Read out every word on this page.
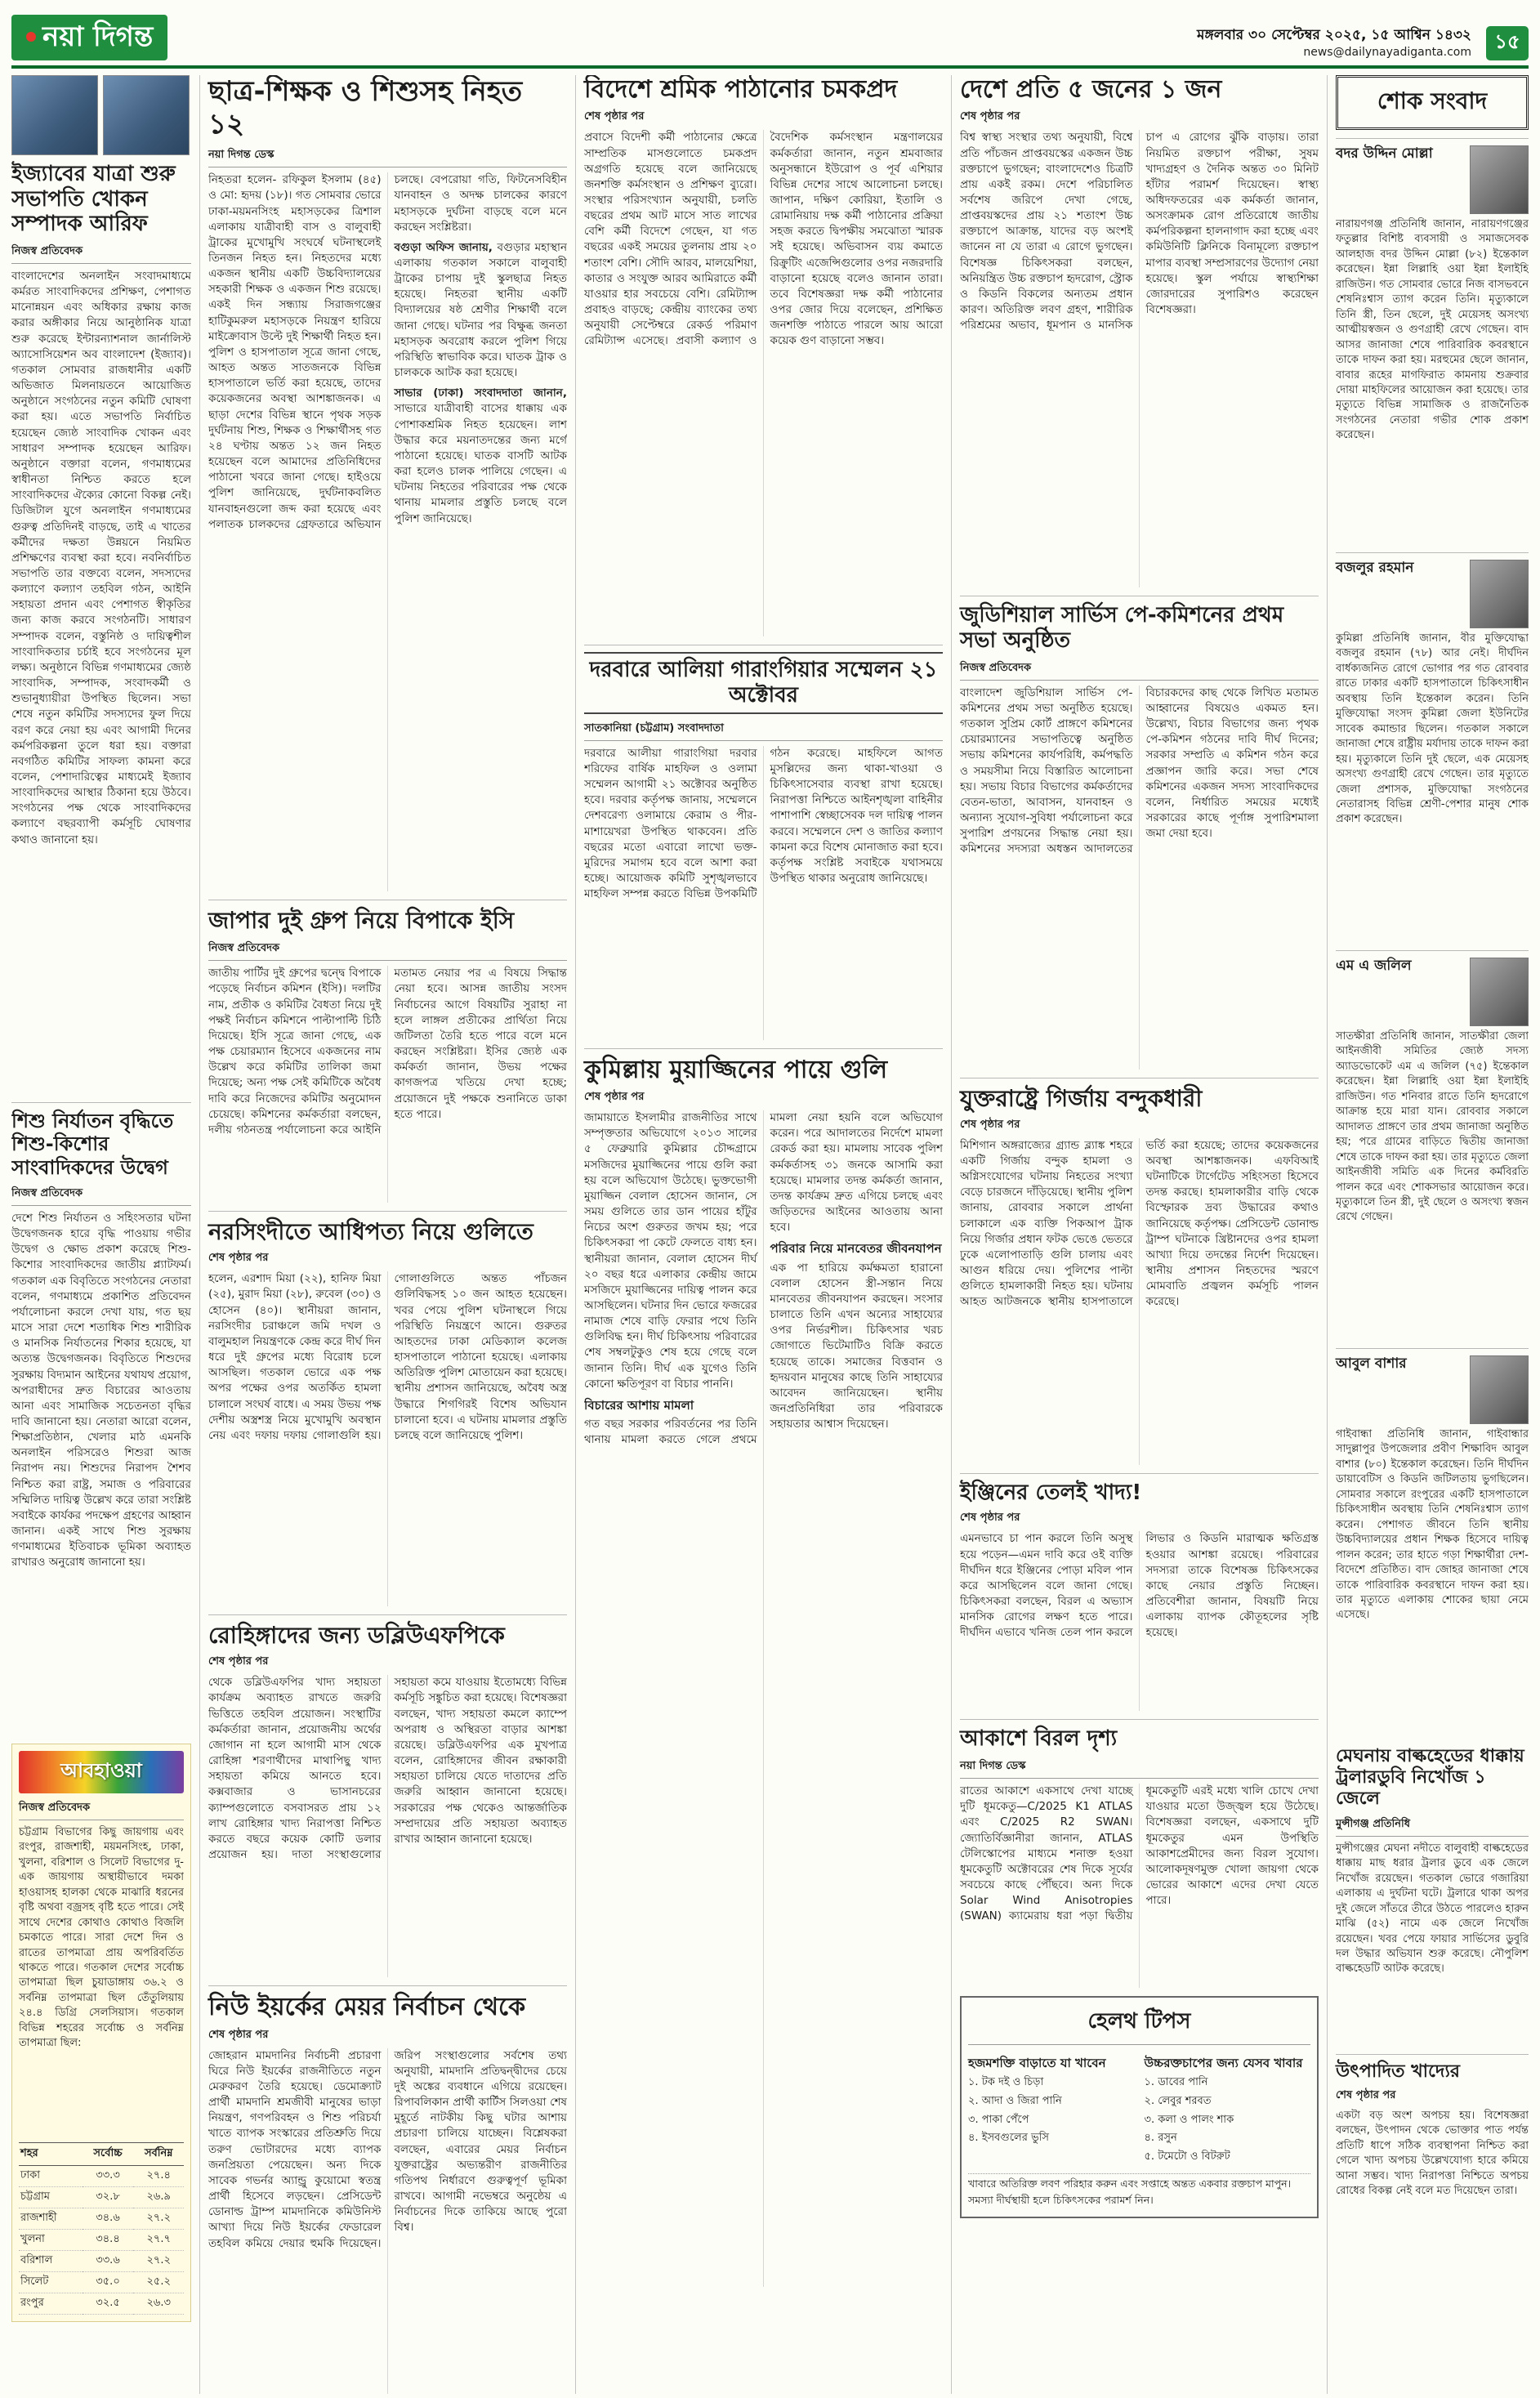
নয়া দিগন্ত	মঙ্গলবার ৩০ সেপ্টেম্বর ২০২৫, ১৫ আশ্বিন ১৪৩২
news@dailynayadiganta.com	১৫
ইজ্যাবের যাত্রা শুরু সভাপতি খোকন সম্পাদক আরিফ
নিজস্ব প্রতিবেদক
বাংলাদেশের অনলাইন সংবাদমাধ্যমে কর্মরত সাংবাদিকদের প্রশিক্ষণ, পেশাগত মানোন্নয়ন এবং অধিকার রক্ষায় কাজ করার অঙ্গীকার নিয়ে আনুষ্ঠানিক যাত্রা শুরু করেছে ইন্টারন্যাশনাল জার্নালিস্ট অ্যাসোসিয়েশন অব বাংলাদেশ (ইজ্যাব)। গতকাল সোমবার রাজধানীর একটি অভিজাত মিলনায়তনে আয়োজিত অনুষ্ঠানে সংগঠনের নতুন কমিটি ঘোষণা করা হয়। এতে সভাপতি নির্বাচিত হয়েছেন জ্যেষ্ঠ সাংবাদিক খোকন এবং সাধারণ সম্পাদক হয়েছেন আরিফ। অনুষ্ঠানে বক্তারা বলেন, গণমাধ্যমের স্বাধীনতা নিশ্চিত করতে হলে সাংবাদিকদের ঐক্যের কোনো বিকল্প নেই। ডিজিটাল যুগে অনলাইন গণমাধ্যমের গুরুত্ব প্রতিদিনই বাড়ছে, তাই এ খাতের কর্মীদের দক্ষতা উন্নয়নে নিয়মিত প্রশিক্ষণের ব্যবস্থা করা হবে। নবনির্বাচিত সভাপতি তার বক্তব্যে বলেন, সদস্যদের কল্যাণে কল্যাণ তহবিল গঠন, আইনি সহায়তা প্রদান এবং পেশাগত স্বীকৃতির জন্য কাজ করবে সংগঠনটি। সাধারণ সম্পাদক বলেন, বস্তুনিষ্ঠ ও দায়িত্বশীল সাংবাদিকতার চর্চাই হবে সংগঠনের মূল লক্ষ্য। অনুষ্ঠানে বিভিন্ন গণমাধ্যমের জ্যেষ্ঠ সাংবাদিক, সম্পাদক, সংবাদকর্মী ও শুভানুধ্যায়ীরা উপস্থিত ছিলেন। সভা শেষে নতুন কমিটির সদস্যদের ফুল দিয়ে বরণ করে নেয়া হয় এবং আগামী দিনের কর্মপরিকল্পনা তুলে ধরা হয়। বক্তারা নবগঠিত কমিটির সাফল্য কামনা করে বলেন, পেশাদারিত্বের মাধ্যমেই ইজ্যাব সাংবাদিকদের আস্থার ঠিকানা হয়ে উঠবে। সংগঠনের পক্ষ থেকে সাংবাদিকদের কল্যাণে বছরব্যাপী কর্মসূচি ঘোষণার কথাও জানানো হয়।
শিশু নির্যাতন বৃদ্ধিতে শিশু-কিশোর সাংবাদিকদের উদ্বেগ
নিজস্ব প্রতিবেদক
দেশে শিশু নির্যাতন ও সহিংসতার ঘটনা উদ্বেগজনক হারে বৃদ্ধি পাওয়ায় গভীর উদ্বেগ ও ক্ষোভ প্রকাশ করেছে শিশু-কিশোর সাংবাদিকদের জাতীয় প্ল্যাটফর্ম। গতকাল এক বিবৃতিতে সংগঠনের নেতারা বলেন, গণমাধ্যমে প্রকাশিত প্রতিবেদন পর্যালোচনা করলে দেখা যায়, গত ছয় মাসে সারা দেশে শতাধিক শিশু শারীরিক ও মানসিক নির্যাতনের শিকার হয়েছে, যা অত্যন্ত উদ্বেগজনক। বিবৃতিতে শিশুদের সুরক্ষায় বিদ্যমান আইনের যথাযথ প্রয়োগ, অপরাধীদের দ্রুত বিচারের আওতায় আনা এবং সামাজিক সচেতনতা বৃদ্ধির দাবি জানানো হয়। নেতারা আরো বলেন, শিক্ষাপ্রতিষ্ঠান, খেলার মাঠ এমনকি অনলাইন পরিসরেও শিশুরা আজ নিরাপদ নয়। শিশুদের নিরাপদ শৈশব নিশ্চিত করা রাষ্ট্র, সমাজ ও পরিবারের সম্মিলিত দায়িত্ব উল্লেখ করে তারা সংশ্লিষ্ট সবাইকে কার্যকর পদক্ষেপ গ্রহণের আহ্বান জানান। একই সাথে শিশু সুরক্ষায় গণমাধ্যমের ইতিবাচক ভূমিকা অব্যাহত রাখারও অনুরোধ জানানো হয়।
আবহাওয়া
নিজস্ব প্রতিবেদক
চট্টগ্রাম বিভাগের কিছু জায়গায় এবং রংপুর, রাজশাহী, ময়মনসিংহ, ঢাকা, খুলনা, বরিশাল ও সিলেট বিভাগের দু-এক জায়গায় অস্থায়ীভাবে দমকা হাওয়াসহ হালকা থেকে মাঝারি ধরনের বৃষ্টি অথবা বজ্রসহ বৃষ্টি হতে পারে। সেই সাথে দেশের কোথাও কোথাও বিজলি চমকাতে পারে। সারা দেশে দিন ও রাতের তাপমাত্রা প্রায় অপরিবর্তিত থাকতে পারে। গতকাল দেশের সর্বোচ্চ তাপমাত্রা ছিল চুয়াডাঙ্গায় ৩৬.২ ও সর্বনিম্ন তাপমাত্রা ছিল তেঁতুলিয়ায় ২৪.৪ ডিগ্রি সেলসিয়াস। গতকাল বিভিন্ন শহরের সর্বোচ্চ ও সর্বনিম্ন তাপমাত্রা ছিল:
শহর	সর্বোচ্চ	সর্বনিম্ন
ঢাকা	৩৩.৩	২৭.৪
চট্টগ্রাম	৩২.৮	২৬.৯
রাজশাহী	৩৪.৬	২৭.২
খুলনা	৩৪.৪	২৭.৭
বরিশাল	৩৩.৬	২৭.২
সিলেট	৩৫.০	২৫.২
রংপুর	৩২.৫	২৬.৩
ছাত্র-শিক্ষক ও শিশুসহ নিহত ১২
নয়া দিগন্ত ডেস্ক

নিহতরা হলেন- রফিকুল ইসলাম (৪৫) ও মো: হৃদয় (১৮)। গত সোমবার ভোরে ঢাকা-ময়মনসিংহ মহাসড়কের ত্রিশাল এলাকায় যাত্রীবাহী বাস ও বালুবাহী ট্রাকের মুখোমুখি সংঘর্ষে ঘটনাস্থলেই তিনজন নিহত হন। নিহতদের মধ্যে একজন স্থানীয় একটি উচ্চবিদ্যালয়ের সহকারী শিক্ষক ও একজন শিশু রয়েছে। একই দিন সন্ধ্যায় সিরাজগঞ্জের হাটিকুমরুল মহাসড়কে নিয়ন্ত্রণ হারিয়ে মাইক্রোবাস উল্টে দুই শিক্ষার্থী নিহত হন। পুলিশ ও হাসপাতাল সূত্রে জানা গেছে, আহত অন্তত সাতজনকে বিভিন্ন হাসপাতালে ভর্তি করা হয়েছে, তাদের কয়েকজনের অবস্থা আশঙ্কাজনক। এ ছাড়া দেশের বিভিন্ন স্থানে পৃথক সড়ক দুর্ঘটনায় শিশু, শিক্ষক ও শিক্ষার্থীসহ গত ২৪ ঘণ্টায় অন্তত ১২ জন নিহত হয়েছেন বলে আমাদের প্রতিনিধিদের পাঠানো খবরে জানা গেছে। হাইওয়ে পুলিশ জানিয়েছে, দুর্ঘটনাকবলিত যানবাহনগুলো জব্দ করা হয়েছে এবং পলাতক চালকদের গ্রেফতারে অভিযান চলছে। বেপরোয়া গতি, ফিটনেসবিহীন যানবাহন ও অদক্ষ চালকের কারণে মহাসড়কে দুর্ঘটনা বাড়ছে বলে মনে করছেন সংশ্লিষ্টরা।

বগুড়া অফিস জানায়, বগুড়ার মহাস্থান এলাকায় গতকাল সকালে বালুবাহী ট্রাকের চাপায় দুই স্কুলছাত্র নিহত হয়েছে। নিহতরা স্থানীয় একটি বিদ্যালয়ের ষষ্ঠ শ্রেণীর শিক্ষার্থী বলে জানা গেছে। ঘটনার পর বিক্ষুব্ধ জনতা মহাসড়ক অবরোধ করলে পুলিশ গিয়ে পরিস্থিতি স্বাভাবিক করে। ঘাতক ট্রাক ও চালককে আটক করা হয়েছে।

সাভার (ঢাকা) সংবাদদাতা জানান, সাভারে যাত্রীবাহী বাসের ধাক্কায় এক পোশাকশ্রমিক নিহত হয়েছেন। লাশ উদ্ধার করে ময়নাতদন্তের জন্য মর্গে পাঠানো হয়েছে। ঘাতক বাসটি আটক করা হলেও চালক পালিয়ে গেছেন। এ ঘটনায় নিহতের পরিবারের পক্ষ থেকে থানায় মামলার প্রস্তুতি চলছে বলে পুলিশ জানিয়েছে।

জাপার দুই গ্রুপ নিয়ে বিপাকে ইসি
নিজস্ব প্রতিবেদক
জাতীয় পার্টির দুই গ্রুপের দ্বন্দ্বে বিপাকে পড়েছে নির্বাচন কমিশন (ইসি)। দলটির নাম, প্রতীক ও কমিটির বৈধতা নিয়ে দুই পক্ষই নির্বাচন কমিশনে পাল্টাপাল্টি চিঠি দিয়েছে। ইসি সূত্রে জানা গেছে, এক পক্ষ চেয়ারম্যান হিসেবে একজনের নাম উল্লেখ করে কমিটির তালিকা জমা দিয়েছে; অন্য পক্ষ সেই কমিটিকে অবৈধ দাবি করে নিজেদের কমিটির অনুমোদন চেয়েছে। কমিশনের কর্মকর্তারা বলছেন, দলীয় গঠনতন্ত্র পর্যালোচনা করে আইনি মতামত নেয়ার পর এ বিষয়ে সিদ্ধান্ত নেয়া হবে। আসন্ন জাতীয় সংসদ নির্বাচনের আগে বিষয়টির সুরাহা না হলে লাঙ্গল প্রতীকের প্রার্থিতা নিয়ে জটিলতা তৈরি হতে পারে বলে মনে করছেন সংশ্লিষ্টরা। ইসির জ্যেষ্ঠ এক কর্মকর্তা জানান, উভয় পক্ষের কাগজপত্র খতিয়ে দেখা হচ্ছে; প্রয়োজনে দুই পক্ষকে শুনানিতে ডাকা হতে পারে।
নরসিংদীতে আধিপত্য নিয়ে গুলিতে
শেষ পৃষ্ঠার পর
হলেন, এরশাদ মিয়া (২২), হানিফ মিয়া (২৫), মুরাদ মিয়া (২৮), রুবেল (৩০) ও হোসেন (৪০)। স্থানীয়রা জানান, নরসিংদীর চরাঞ্চলে জমি দখল ও বালুমহাল নিয়ন্ত্রণকে কেন্দ্র করে দীর্ঘ দিন ধরে দুই গ্রুপের মধ্যে বিরোধ চলে আসছিল। গতকাল ভোরে এক পক্ষ অপর পক্ষের ওপর অতর্কিত হামলা চালালে সংঘর্ষ বাধে। এ সময় উভয় পক্ষ দেশীয় অস্ত্রশস্ত্র নিয়ে মুখোমুখি অবস্থান নেয় এবং দফায় দফায় গোলাগুলি হয়। গোলাগুলিতে অন্তত পাঁচজন গুলিবিদ্ধসহ ১০ জন আহত হয়েছেন। খবর পেয়ে পুলিশ ঘটনাস্থলে গিয়ে পরিস্থিতি নিয়ন্ত্রণে আনে। গুরুতর আহতদের ঢাকা মেডিক্যাল কলেজ হাসপাতালে পাঠানো হয়েছে। এলাকায় অতিরিক্ত পুলিশ মোতায়েন করা হয়েছে। স্থানীয় প্রশাসন জানিয়েছে, অবৈধ অস্ত্র উদ্ধারে শিগগিরই বিশেষ অভিযান চালানো হবে। এ ঘটনায় মামলার প্রস্তুতি চলছে বলে জানিয়েছে পুলিশ।
রোহিঙ্গাদের জন্য ডব্লিউএফপিকে
শেষ পৃষ্ঠার পর
থেকে ডব্লিউএফপির খাদ্য সহায়তা কার্যক্রম অব্যাহত রাখতে জরুরি ভিত্তিতে তহবিল প্রয়োজন। সংস্থাটির কর্মকর্তারা জানান, প্রয়োজনীয় অর্থের জোগান না হলে আগামী মাস থেকে রোহিঙ্গা শরণার্থীদের মাথাপিছু খাদ্য সহায়তা কমিয়ে আনতে হবে। কক্সবাজার ও ভাসানচরের ক্যাম্পগুলোতে বসবাসরত প্রায় ১২ লাখ রোহিঙ্গার খাদ্য নিরাপত্তা নিশ্চিত করতে বছরে কয়েক কোটি ডলার প্রয়োজন হয়। দাতা সংস্থাগুলোর সহায়তা কমে যাওয়ায় ইতোমধ্যে বিভিন্ন কর্মসূচি সঙ্কুচিত করা হয়েছে। বিশেষজ্ঞরা বলছেন, খাদ্য সহায়তা কমলে ক্যাম্পে অপরাধ ও অস্থিরতা বাড়ার আশঙ্কা রয়েছে। ডব্লিউএফপির এক মুখপাত্র বলেন, রোহিঙ্গাদের জীবন রক্ষাকারী সহায়তা চালিয়ে যেতে দাতাদের প্রতি জরুরি আহ্বান জানানো হয়েছে। সরকারের পক্ষ থেকেও আন্তর্জাতিক সম্প্রদায়ের প্রতি সহায়তা অব্যাহত রাখার আহ্বান জানানো হয়েছে।
নিউ ইয়র্কের মেয়র নির্বাচন থেকে
শেষ পৃষ্ঠার পর
জোহরান মামদানির নির্বাচনী প্রচারণা ঘিরে নিউ ইয়র্কের রাজনীতিতে নতুন মেরুকরণ তৈরি হয়েছে। ডেমোক্র্যাট প্রার্থী মামদানি শ্রমজীবী মানুষের ভাড়া নিয়ন্ত্রণ, গণপরিবহন ও শিশু পরিচর্যা খাতে ব্যাপক সংস্কারের প্রতিশ্রুতি দিয়ে তরুণ ভোটারদের মধ্যে ব্যাপক জনপ্রিয়তা পেয়েছেন। অন্য দিকে সাবেক গভর্নর অ্যান্ড্রু কুয়োমো স্বতন্ত্র প্রার্থী হিসেবে লড়ছেন। প্রেসিডেন্ট ডোনাল্ড ট্রাম্প মামদানিকে কমিউনিস্ট আখ্যা দিয়ে নিউ ইয়র্কের ফেডারেল তহবিল কমিয়ে দেয়ার হুমকি দিয়েছেন। জরিপ সংস্থাগুলোর সর্বশেষ তথ্য অনুযায়ী, মামদানি প্রতিদ্বন্দ্বীদের চেয়ে দুই অঙ্কের ব্যবধানে এগিয়ে রয়েছেন। রিপাবলিকান প্রার্থী কার্টিস সিলওয়া শেষ মুহূর্তে নাটকীয় কিছু ঘটার আশায় প্রচারণা চালিয়ে যাচ্ছেন। বিশ্লেষকরা বলছেন, এবারের মেয়র নির্বাচন যুক্তরাষ্ট্রের অভ্যন্তরীণ রাজনীতির গতিপথ নির্ধারণে গুরুত্বপূর্ণ ভূমিকা রাখবে। আগামী নভেম্বরে অনুষ্ঠেয় এ নির্বাচনের দিকে তাকিয়ে আছে পুরো বিশ্ব।
বিদেশে শ্রমিক পাঠানোর চমকপ্রদ
শেষ পৃষ্ঠার পর
প্রবাসে বিদেশী কর্মী পাঠানোর ক্ষেত্রে সাম্প্রতিক মাসগুলোতে চমকপ্রদ অগ্রগতি হয়েছে বলে জানিয়েছে জনশক্তি কর্মসংস্থান ও প্রশিক্ষণ ব্যুরো। সংস্থার পরিসংখ্যান অনুযায়ী, চলতি বছরের প্রথম আট মাসে সাত লাখের বেশি কর্মী বিদেশে গেছেন, যা গত বছরের একই সময়ের তুলনায় প্রায় ২০ শতাংশ বেশি। সৌদি আরব, মালয়েশিয়া, কাতার ও সংযুক্ত আরব আমিরাতে কর্মী যাওয়ার হার সবচেয়ে বেশি। রেমিট্যান্স প্রবাহও বাড়ছে; কেন্দ্রীয় ব্যাংকের তথ্য অনুযায়ী সেপ্টেম্বরে রেকর্ড পরিমাণ রেমিট্যান্স এসেছে। প্রবাসী কল্যাণ ও বৈদেশিক কর্মসংস্থান মন্ত্রণালয়ের কর্মকর্তারা জানান, নতুন শ্রমবাজার অনুসন্ধানে ইউরোপ ও পূর্ব এশিয়ার বিভিন্ন দেশের সাথে আলোচনা চলছে। জাপান, দক্ষিণ কোরিয়া, ইতালি ও রোমানিয়ায় দক্ষ কর্মী পাঠানোর প্রক্রিয়া সহজ করতে দ্বিপক্ষীয় সমঝোতা স্মারক সই হয়েছে। অভিবাসন ব্যয় কমাতে রিক্রুটিং এজেন্সিগুলোর ওপর নজরদারি বাড়ানো হয়েছে বলেও জানান তারা। তবে বিশেষজ্ঞরা দক্ষ কর্মী পাঠানোর ওপর জোর দিয়ে বলেছেন, প্রশিক্ষিত জনশক্তি পাঠাতে পারলে আয় আরো কয়েক গুণ বাড়ানো সম্ভব।
দরবারে আলিয়া গারাংগিয়ার সম্মেলন ২১ অক্টোবর
সাতকানিয়া (চট্টগ্রাম) সংবাদদাতা
দরবারে আলীয়া গারাংগিয়া দরবার শরিফের বার্ষিক মাহফিল ও ওলামা সম্মেলন আগামী ২১ অক্টোবর অনুষ্ঠিত হবে। দরবার কর্তৃপক্ষ জানায়, সম্মেলনে দেশবরেণ্য ওলামায়ে কেরাম ও পীর-মাশায়েখরা উপস্থিত থাকবেন। প্রতি বছরের মতো এবারো লাখো ভক্ত-মুরিদের সমাগম হবে বলে আশা করা হচ্ছে। আয়োজক কমিটি সুশৃঙ্খলভাবে মাহফিল সম্পন্ন করতে বিভিন্ন উপকমিটি গঠন করেছে। মাহফিলে আগত মুসল্লিদের জন্য থাকা-খাওয়া ও চিকিৎসাসেবার ব্যবস্থা রাখা হয়েছে। নিরাপত্তা নিশ্চিতে আইনশৃঙ্খলা বাহিনীর পাশাপাশি স্বেচ্ছাসেবক দল দায়িত্ব পালন করবে। সম্মেলনে দেশ ও জাতির কল্যাণ কামনা করে বিশেষ মোনাজাত করা হবে। কর্তৃপক্ষ সংশ্লিষ্ট সবাইকে যথাসময়ে উপস্থিত থাকার অনুরোধ জানিয়েছে।
কুমিল্লায় মুয়াজ্জিনের পায়ে গুলি
শেষ পৃষ্ঠার পর

জামায়াতে ইসলামীর রাজনীতির সাথে সম্পৃক্ততার অভিযোগে ২০১৩ সালের ৫ ফেব্রুয়ারি কুমিল্লার চৌদ্দগ্রামে মসজিদের মুয়াজ্জিনের পায়ে গুলি করা হয় বলে অভিযোগ উঠেছে। ভুক্তভোগী মুয়াজ্জিন বেলাল হোসেন জানান, সে সময় গুলিতে তার ডান পায়ের হাঁটুর নিচের অংশ গুরুতর জখম হয়; পরে চিকিৎসকরা পা কেটে ফেলতে বাধ্য হন। স্থানীয়রা জানান, বেলাল হোসেন দীর্ঘ ২০ বছর ধরে এলাকার কেন্দ্রীয় জামে মসজিদে মুয়াজ্জিনের দায়িত্ব পালন করে আসছিলেন। ঘটনার দিন ভোরে ফজরের নামাজ শেষে বাড়ি ফেরার পথে তিনি গুলিবিদ্ধ হন। দীর্ঘ চিকিৎসায় পরিবারের শেষ সম্বলটুকুও শেষ হয়ে গেছে বলে জানান তিনি। দীর্ঘ এক যুগেও তিনি কোনো ক্ষতিপূরণ বা বিচার পাননি।

বিচারের আশায় মামলা

গত বছর সরকার পরিবর্তনের পর তিনি থানায় মামলা করতে গেলে প্রথমে মামলা নেয়া হয়নি বলে অভিযোগ করেন। পরে আদালতের নির্দেশে মামলা রেকর্ড করা হয়। মামলায় সাবেক পুলিশ কর্মকর্তাসহ ৩১ জনকে আসামি করা হয়েছে। মামলার তদন্ত কর্মকর্তা জানান, তদন্ত কার্যক্রম দ্রুত এগিয়ে চলছে এবং জড়িতদের আইনের আওতায় আনা হবে।

পরিবার নিয়ে মানবেতর জীবনযাপন

এক পা হারিয়ে কর্মক্ষমতা হারানো বেলাল হোসেন স্ত্রী-সন্তান নিয়ে মানবেতর জীবনযাপন করছেন। সংসার চালাতে তিনি এখন অন্যের সাহায্যের ওপর নির্ভরশীল। চিকিৎসার খরচ জোগাতে ভিটেমাটিও বিক্রি করতে হয়েছে তাকে। সমাজের বিত্তবান ও হৃদয়বান মানুষের কাছে তিনি সাহায্যের আবেদন জানিয়েছেন। স্থানীয় জনপ্রতিনিধিরা তার পরিবারকে সহায়তার আশ্বাস দিয়েছেন।

দেশে প্রতি ৫ জনের ১ জন
শেষ পৃষ্ঠার পর
বিশ্ব স্বাস্থ্য সংস্থার তথ্য অনুযায়ী, বিশ্বে প্রতি পাঁচজন প্রাপ্তবয়স্কের একজন উচ্চ রক্তচাপে ভুগছেন; বাংলাদেশেও চিত্রটি প্রায় একই রকম। দেশে পরিচালিত সর্বশেষ জরিপে দেখা গেছে, প্রাপ্তবয়স্কদের প্রায় ২১ শতাংশ উচ্চ রক্তচাপে আক্রান্ত, যাদের বড় অংশই জানেন না যে তারা এ রোগে ভুগছেন। বিশেষজ্ঞ চিকিৎসকরা বলছেন, অনিয়ন্ত্রিত উচ্চ রক্তচাপ হৃদরোগ, স্ট্রোক ও কিডনি বিকলের অন্যতম প্রধান কারণ। অতিরিক্ত লবণ গ্রহণ, শারীরিক পরিশ্রমের অভাব, ধূমপান ও মানসিক চাপ এ রোগের ঝুঁকি বাড়ায়। তারা নিয়মিত রক্তচাপ পরীক্ষা, সুষম খাদ্যগ্রহণ ও দৈনিক অন্তত ৩০ মিনিট হাঁটার পরামর্শ দিয়েছেন। স্বাস্থ্য অধিদফতরের এক কর্মকর্তা জানান, অসংক্রামক রোগ প্রতিরোধে জাতীয় কর্মপরিকল্পনা হালনাগাদ করা হচ্ছে এবং কমিউনিটি ক্লিনিকে বিনামূল্যে রক্তচাপ মাপার ব্যবস্থা সম্প্রসারণের উদ্যোগ নেয়া হয়েছে। স্কুল পর্যায়ে স্বাস্থ্যশিক্ষা জোরদারের সুপারিশও করেছেন বিশেষজ্ঞরা।
জুডিশিয়াল সার্ভিস পে-কমিশনের প্রথম সভা অনুষ্ঠিত
নিজস্ব প্রতিবেদক
বাংলাদেশ জুডিশিয়াল সার্ভিস পে-কমিশনের প্রথম সভা অনুষ্ঠিত হয়েছে। গতকাল সুপ্রিম কোর্ট প্রাঙ্গণে কমিশনের চেয়ারম্যানের সভাপতিত্বে অনুষ্ঠিত সভায় কমিশনের কার্যপরিধি, কর্মপদ্ধতি ও সময়সীমা নিয়ে বিস্তারিত আলোচনা হয়। সভায় বিচার বিভাগের কর্মকর্তাদের বেতন-ভাতা, আবাসন, যানবাহন ও অন্যান্য সুযোগ-সুবিধা পর্যালোচনা করে সুপারিশ প্রণয়নের সিদ্ধান্ত নেয়া হয়। কমিশনের সদস্যরা অধস্তন আদালতের বিচারকদের কাছ থেকে লিখিত মতামত আহ্বানের বিষয়েও একমত হন। উল্লেখ্য, বিচার বিভাগের জন্য পৃথক পে-কমিশন গঠনের দাবি দীর্ঘ দিনের; সরকার সম্প্রতি এ কমিশন গঠন করে প্রজ্ঞাপন জারি করে। সভা শেষে কমিশনের একজন সদস্য সাংবাদিকদের বলেন, নির্ধারিত সময়ের মধ্যেই সরকারের কাছে পূর্ণাঙ্গ সুপারিশমালা জমা দেয়া হবে।
যুক্তরাষ্ট্রে গির্জায় বন্দুকধারী
শেষ পৃষ্ঠার পর
মিশিগান অঙ্গরাজ্যের গ্র্যান্ড ব্ল্যাঙ্ক শহরে একটি গির্জায় বন্দুক হামলা ও অগ্নিসংযোগের ঘটনায় নিহতের সংখ্যা বেড়ে চারজনে দাঁড়িয়েছে। স্থানীয় পুলিশ জানায়, রোববার সকালে প্রার্থনা চলাকালে এক ব্যক্তি পিকআপ ট্রাক নিয়ে গির্জার প্রধান ফটক ভেঙে ভেতরে ঢুকে এলোপাতাড়ি গুলি চালায় এবং আগুন ধরিয়ে দেয়। পুলিশের পাল্টা গুলিতে হামলাকারী নিহত হয়। ঘটনায় আহত আটজনকে স্থানীয় হাসপাতালে ভর্তি করা হয়েছে; তাদের কয়েকজনের অবস্থা আশঙ্কাজনক। এফবিআই ঘটনাটিকে টার্গেটেড সহিংসতা হিসেবে তদন্ত করছে। হামলাকারীর বাড়ি থেকে বিস্ফোরক দ্রব্য উদ্ধারের কথাও জানিয়েছে কর্তৃপক্ষ। প্রেসিডেন্ট ডোনাল্ড ট্রাম্প ঘটনাকে খ্রিষ্টানদের ওপর হামলা আখ্যা দিয়ে তদন্তের নির্দেশ দিয়েছেন। স্থানীয় প্রশাসন নিহতদের স্মরণে মোমবাতি প্রজ্বলন কর্মসূচি পালন করেছে।
ইঞ্জিনের তেলই খাদ্য!
শেষ পৃষ্ঠার পর
এমনভাবে চা পান করলে তিনি অসুস্থ হয়ে পড়েন—এমন দাবি করে ওই ব্যক্তি দীর্ঘদিন ধরে ইঞ্জিনের পোড়া মবিল পান করে আসছিলেন বলে জানা গেছে। চিকিৎসকরা বলছেন, বিরল এ অভ্যাস মানসিক রোগের লক্ষণ হতে পারে। দীর্ঘদিন এভাবে খনিজ তেল পান করলে লিভার ও কিডনি মারাত্মক ক্ষতিগ্রস্ত হওয়ার আশঙ্কা রয়েছে। পরিবারের সদস্যরা তাকে বিশেষজ্ঞ চিকিৎসকের কাছে নেয়ার প্রস্তুতি নিচ্ছেন। প্রতিবেশীরা জানান, বিষয়টি নিয়ে এলাকায় ব্যাপক কৌতূহলের সৃষ্টি হয়েছে।
আকাশে বিরল দৃশ্য
নয়া দিগন্ত ডেস্ক
রাতের আকাশে একসাথে দেখা যাচ্ছে দুটি ধূমকেতু—C/2025 K1 ATLAS এবং C/2025 R2 SWAN। জ্যোতির্বিজ্ঞানীরা জানান, ATLAS টেলিস্কোপের মাধ্যমে শনাক্ত হওয়া ধূমকেতুটি অক্টোবরের শেষ দিকে সূর্যের সবচেয়ে কাছে পৌঁছবে। অন্য দিকে Solar Wind Anisotropies (SWAN) ক্যামেরায় ধরা পড়া দ্বিতীয় ধূমকেতুটি এরই মধ্যে খালি চোখে দেখা যাওয়ার মতো উজ্জ্বল হয়ে উঠেছে। বিশেষজ্ঞরা বলছেন, একসাথে দুটি ধূমকেতুর এমন উপস্থিতি আকাশপ্রেমীদের জন্য বিরল সুযোগ। আলোকদূষণমুক্ত খোলা জায়গা থেকে ভোরের আকাশে এদের দেখা যেতে পারে।
হেলথ টিপস
হজমশক্তি বাড়াতে যা খাবেন
১. টক দই ও চিড়া
২. আদা ও জিরা পানি
৩. পাকা পেঁপে
৪. ইসবগুলের ভুসি
উচ্চরক্তচাপের জন্য যেসব খাবার
১. ডাবের পানি
২. লেবুর শরবত
৩. কলা ও পালং শাক
৪. রসুন
৫. টমেটো ও বিটরুট
খাবারে অতিরিক্ত লবণ পরিহার করুন এবং সপ্তাহে অন্তত একবার রক্তচাপ মাপুন। সমস্যা দীর্ঘস্থায়ী হলে চিকিৎসকের পরামর্শ নিন।
শোক সংবাদ
বদর উদ্দিন মোল্লা
নারায়ণগঞ্জ প্রতিনিধি জানান, নারায়ণগঞ্জের ফতুল্লার বিশিষ্ট ব্যবসায়ী ও সমাজসেবক আলহাজ বদর উদ্দিন মোল্লা (৮২) ইন্তেকাল করেছেন। ইন্না লিল্লাহি ওয়া ইন্না ইলাইহি রাজিউন। গত সোমবার ভোরে নিজ বাসভবনে শেষনিঃশ্বাস ত্যাগ করেন তিনি। মৃত্যুকালে তিনি স্ত্রী, তিন ছেলে, দুই মেয়েসহ অসংখ্য আত্মীয়স্বজন ও গুণগ্রাহী রেখে গেছেন। বাদ আসর জানাজা শেষে পারিবারিক কবরস্থানে তাকে দাফন করা হয়। মরহুমের ছেলে জানান, বাবার রূহের মাগফিরাত কামনায় শুক্রবার দোয়া মাহফিলের আয়োজন করা হয়েছে। তার মৃত্যুতে বিভিন্ন সামাজিক ও রাজনৈতিক সংগঠনের নেতারা গভীর শোক প্রকাশ করেছেন।
বজলুর রহমান
কুমিল্লা প্রতিনিধি জানান, বীর মুক্তিযোদ্ধা বজলুর রহমান (৭৮) আর নেই। দীর্ঘদিন বার্ধক্যজনিত রোগে ভোগার পর গত রোববার রাতে ঢাকার একটি হাসপাতালে চিকিৎসাধীন অবস্থায় তিনি ইন্তেকাল করেন। তিনি মুক্তিযোদ্ধা সংসদ কুমিল্লা জেলা ইউনিটের সাবেক কমান্ডার ছিলেন। গতকাল সকালে জানাজা শেষে রাষ্ট্রীয় মর্যাদায় তাকে দাফন করা হয়। মৃত্যুকালে তিনি দুই ছেলে, এক মেয়েসহ অসংখ্য গুণগ্রাহী রেখে গেছেন। তার মৃত্যুতে জেলা প্রশাসক, মুক্তিযোদ্ধা সংগঠনের নেতারাসহ বিভিন্ন শ্রেণী-পেশার মানুষ শোক প্রকাশ করেছেন।
এম এ জলিল
সাতক্ষীরা প্রতিনিধি জানান, সাতক্ষীরা জেলা আইনজীবী সমিতির জ্যেষ্ঠ সদস্য অ্যাডভোকেট এম এ জলিল (৭৫) ইন্তেকাল করেছেন। ইন্না লিল্লাহি ওয়া ইন্না ইলাইহি রাজিউন। গত শনিবার রাতে তিনি হৃদরোগে আক্রান্ত হয়ে মারা যান। রোববার সকালে আদালত প্রাঙ্গণে তার প্রথম জানাজা অনুষ্ঠিত হয়; পরে গ্রামের বাড়িতে দ্বিতীয় জানাজা শেষে তাকে দাফন করা হয়। তার মৃত্যুতে জেলা আইনজীবী সমিতি এক দিনের কর্মবিরতি পালন করে এবং শোকসভার আয়োজন করে। মৃত্যুকালে তিন স্ত্রী, দুই ছেলে ও অসংখ্য স্বজন রেখে গেছেন।
আবুল বাশার
গাইবান্ধা প্রতিনিধি জানান, গাইবান্ধার সাদুল্লাপুর উপজেলার প্রবীণ শিক্ষাবিদ আবুল বাশার (৮০) ইন্তেকাল করেছেন। তিনি দীর্ঘদিন ডায়াবেটিস ও কিডনি জটিলতায় ভুগছিলেন। সোমবার সকালে রংপুরের একটি হাসপাতালে চিকিৎসাধীন অবস্থায় তিনি শেষনিঃশ্বাস ত্যাগ করেন। পেশাগত জীবনে তিনি স্থানীয় উচ্চবিদ্যালয়ের প্রধান শিক্ষক হিসেবে দায়িত্ব পালন করেন; তার হাতে গড়া শিক্ষার্থীরা দেশ-বিদেশে প্রতিষ্ঠিত। বাদ জোহর জানাজা শেষে তাকে পারিবারিক কবরস্থানে দাফন করা হয়। তার মৃত্যুতে এলাকায় শোকের ছায়া নেমে এসেছে।
মেঘনায় বাল্কহেডের ধাক্কায় ট্রলারডুবি নিখোঁজ ১ জেলে
মুন্সীগঞ্জ প্রতিনিধি
মুন্সীগঞ্জের মেঘনা নদীতে বালুবাহী বাল্কহেডের ধাক্কায় মাছ ধরার ট্রলার ডুবে এক জেলে নিখোঁজ রয়েছেন। গতকাল ভোরে গজারিয়া এলাকায় এ দুর্ঘটনা ঘটে। ট্রলারে থাকা অপর দুই জেলে সাঁতরে তীরে উঠতে পারলেও হারুন মাঝি (৫২) নামে এক জেলে নিখোঁজ রয়েছেন। খবর পেয়ে ফায়ার সার্ভিসের ডুবুরি দল উদ্ধার অভিযান শুরু করেছে। নৌপুলিশ বাল্কহেডটি আটক করেছে।
উৎপাদিত খাদ্যের
শেষ পৃষ্ঠার পর
একটা বড় অংশ অপচয় হয়। বিশেষজ্ঞরা বলছেন, উৎপাদন থেকে ভোক্তার পাত পর্যন্ত প্রতিটি ধাপে সঠিক ব্যবস্থাপনা নিশ্চিত করা গেলে খাদ্য অপচয় উল্লেখযোগ্য হারে কমিয়ে আনা সম্ভব। খাদ্য নিরাপত্তা নিশ্চিতে অপচয় রোধের বিকল্প নেই বলে মত দিয়েছেন তারা।
